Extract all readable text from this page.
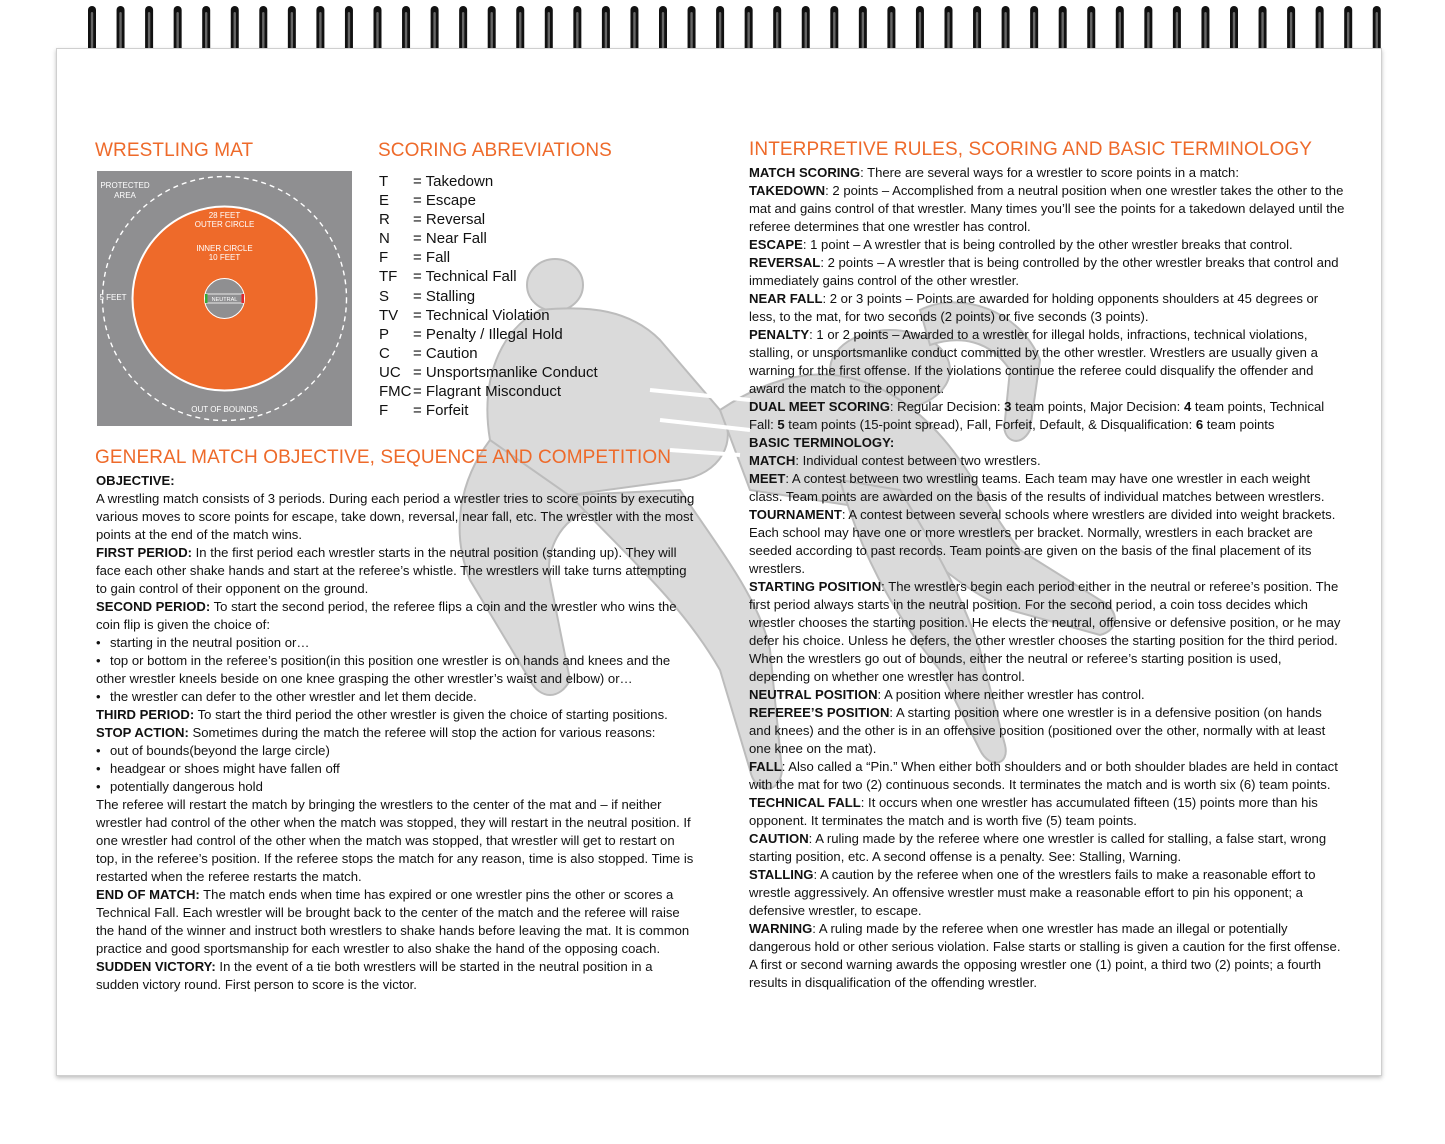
WRESTLING MAT	SCORING ABREVIATIONS
GENERAL MATCH OBJECTIVE, SEQUENCE AND COMPETITION
INTERPRETIVE RULES, SCORING AND BASIC TERMINOLOGY
PROTECTED
AREA
28 FEET
OUTER CIRCLE
INNER CIRCLE
10 FEET
5 FEET	NEUTRAL
OUT OF BOUNDS
T = Takedown
E = Escape
R = Reversal
N = Near Fall
F = Fall
TF = Technical Fall
S = Stalling
TV = Technical Violation
P = Penalty / Illegal Hold
C = Caution
UC = Unsportsmanlike Conduct
FMC = Flagrant Misconduct
F = Forfeit

OBJECTIVE:

A wrestling match consists of 3 periods. During each period a wrestler tries to score points by executing various moves to score points for escape, take down, reversal, near fall, etc. The wrestler with the most points at the end of the match wins.

FIRST PERIOD: In the first period each wrestler starts in the neutral position (standing up). They will face each other shake hands and start at the referee’s whistle. The wrestlers will take turns attempting to gain control of their opponent on the ground.

SECOND PERIOD: To start the second period, the referee flips a coin and the wrestler who wins the coin flip is given the choice of:

• starting in the neutral position or…

• top or bottom in the referee’s position(in this position one wrestler is on hands and knees and the other wrestler kneels beside on one knee grasping the other wrestler’s waist and elbow) or…

• the wrestler can defer to the other wrestler and let them decide.

THIRD PERIOD: To start the third period the other wrestler is given the choice of starting positions.

STOP ACTION: Sometimes during the match the referee will stop the action for various reasons:

• out of bounds(beyond the large circle)

• headgear or shoes might have fallen off

• potentially dangerous hold

The referee will restart the match by bringing the wrestlers to the center of the mat and – if neither wrestler had control of the other when the match was stopped, they will restart in the neutral position. If one wrestler had control of the other when the match was stopped, that wrestler will get to restart on top, in the referee’s position. If the referee stops the match for any reason, time is also stopped. Time is restarted when the referee restarts the match.

END OF MATCH: The match ends when time has expired or one wrestler pins the other or scores a Technical Fall. Each wrestler will be brought back to the center of the match and the referee will raise the hand of the winner and instruct both wrestlers to shake hands before leaving the mat. It is common practice and good sportsmanship for each wrestler to also shake the hand of the opposing coach.

SUDDEN VICTORY: In the event of a tie both wrestlers will be started in the neutral position in a sudden victory round. First person to score is the victor.

MATCH SCORING: There are several ways for a wrestler to score points in a match:

TAKEDOWN: 2 points – Accomplished from a neutral position when one wrestler takes the other to the mat and gains control of that wrestler. Many times you’ll see the points for a takedown delayed until the referee determines that one wrestler has control.

ESCAPE: 1 point – A wrestler that is being controlled by the other wrestler breaks that control.

REVERSAL: 2 points – A wrestler that is being controlled by the other wrestler breaks that control and immediately gains control of the other wrestler.

NEAR FALL: 2 or 3 points – Points are awarded for holding opponents shoulders at 45 degrees or less, to the mat, for two seconds (2 points) or five seconds (3 points).

PENALTY: 1 or 2 points – Awarded to a wrestler for illegal holds, infractions, technical violations, stalling, or unsportsmanlike conduct committed by the other wrestler. Wrestlers are usually given a warning for the first offense. If the violations continue the referee could disqualify the offender and award the match to the opponent.

DUAL MEET SCORING: Regular Decision: 3 team points, Major Decision: 4 team points, Technical Fall: 5 team points (15-point spread), Fall, Forfeit, Default, & Disqualification: 6 team points

BASIC TERMINOLOGY:

MATCH: Individual contest between two wrestlers.

MEET: A contest between two wrestling teams. Each team may have one wrestler in each weight class. Team points are awarded on the basis of the results of individual matches between wrestlers.

TOURNAMENT: A contest between several schools where wrestlers are divided into weight brackets. Each school may have one or more wrestlers per bracket. Normally, wrestlers in each bracket are seeded according to past records. Team points are given on the basis of the final placement of its wrestlers.

STARTING POSITION: The wrestlers begin each period either in the neutral or referee’s position. The first period always starts in the neutral position. For the second period, a coin toss decides which wrestler chooses the starting position. He elects the neutral, offensive or defensive position, or he may defer his choice. Unless he defers, the other wrestler chooses the starting position for the third period. When the wrestlers go out of bounds, either the neutral or referee’s starting position is used, depending on whether one wrestler has control.

NEUTRAL POSITION: A position where neither wrestler has control.

REFEREE’S POSITION: A starting position where one wrestler is in a defensive position (on hands and knees) and the other is in an offensive position (positioned over the other, normally with at least one knee on the mat).

FALL: Also called a “Pin.” When either both shoulders and or both shoulder blades are held in contact with the mat for two (2) continuous seconds. It terminates the match and is worth six (6) team points.

TECHNICAL FALL: It occurs when one wrestler has accumulated fifteen (15) points more than his opponent. It terminates the match and is worth five (5) team points.

CAUTION: A ruling made by the referee where one wrestler is called for stalling, a false start, wrong starting position, etc. A second offense is a penalty. See: Stalling, Warning.

STALLING: A caution by the referee when one of the wrestlers fails to make a reasonable effort to wrestle aggressively. An offensive wrestler must make a reasonable effort to pin his opponent; a defensive wrestler, to escape.

WARNING: A ruling made by the referee when one wrestler has made an illegal or potentially dangerous hold or other serious violation. False starts or stalling is given a caution for the first offense. A first or second warning awards the opposing wrestler one (1) point, a third two (2) points; a fourth results in disqualification of the offending wrestler.
